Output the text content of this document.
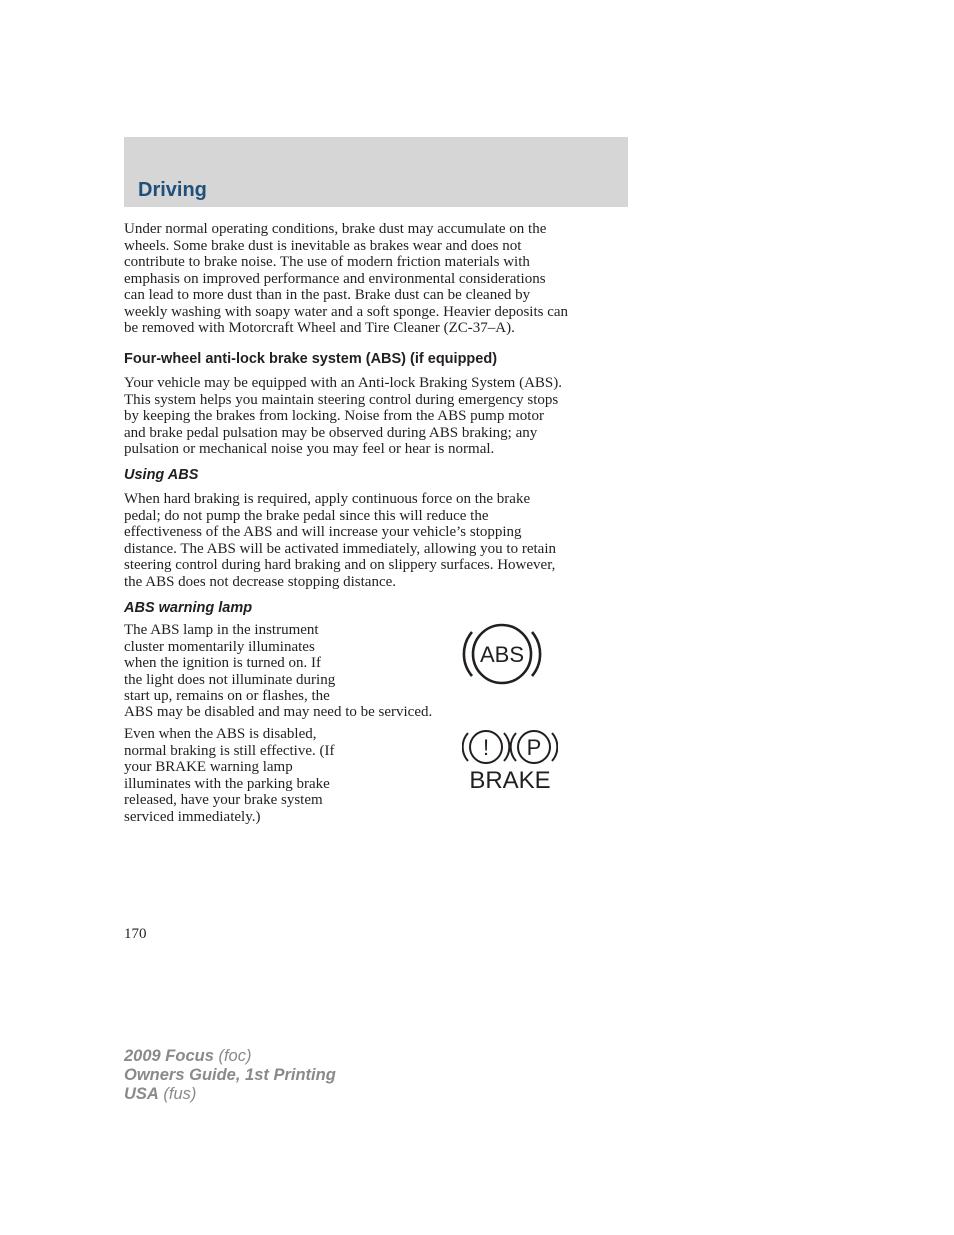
Driving

Under normal operating conditions, brake dust may accumulate on the
wheels. Some brake dust is inevitable as brakes wear and does not
contribute to brake noise. The use of modern friction materials with
emphasis on improved performance and environmental considerations
can lead to more dust than in the past. Brake dust can be cleaned by
weekly washing with soapy water and a soft sponge. Heavier deposits can
be removed with Motorcraft Wheel and Tire Cleaner (ZC-37–A).

Four-wheel anti-lock brake system (ABS) (if equipped)

Your vehicle may be equipped with an Anti-lock Braking System (ABS).
This system helps you maintain steering control during emergency stops
by keeping the brakes from locking. Noise from the ABS pump motor
and brake pedal pulsation may be observed during ABS braking; any
pulsation or mechanical noise you may feel or hear is normal.

Using ABS

When hard braking is required, apply continuous force on the brake
pedal; do not pump the brake pedal since this will reduce the
effectiveness of the ABS and will increase your vehicle’s stopping
distance. The ABS will be activated immediately, allowing you to retain
steering control during hard braking and on slippery surfaces. However,
the ABS does not decrease stopping distance.

ABS warning lamp

The ABS lamp in the instrument
cluster momentarily illuminates
when the ignition is turned on. If
the light does not illuminate during
start up, remains on or flashes, the

ABS may be disabled and may need to be serviced.

Even when the ABS is disabled,
normal braking is still effective. (If
your BRAKE warning lamp
illuminates with the parking brake
released, have your brake system
serviced immediately.)

ABS
! P
BRAKE
170
2009 Focus (foc)
Owners Guide, 1st Printing
USA (fus)
